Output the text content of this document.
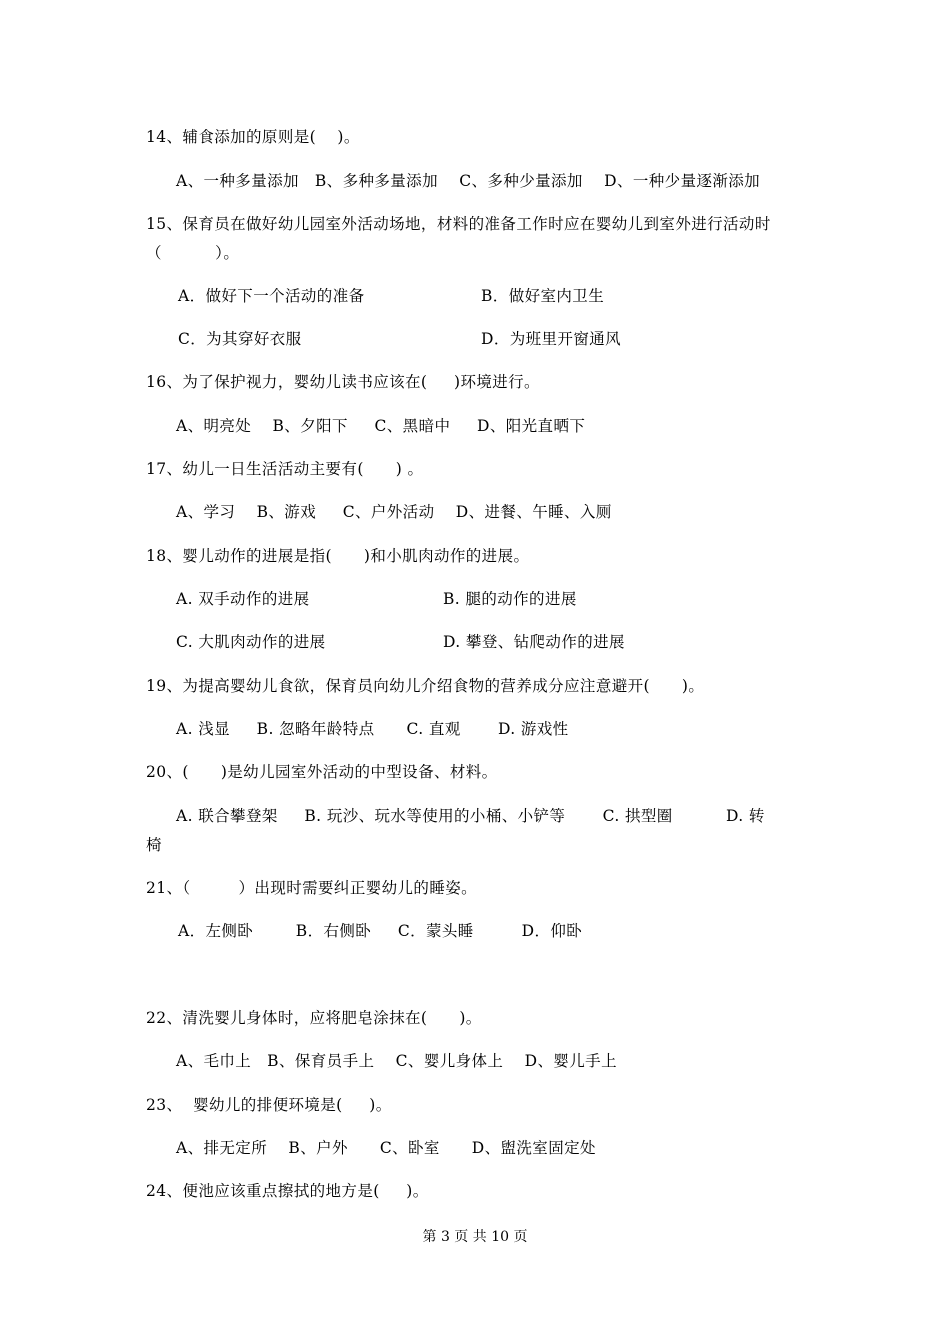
14、辅食添加的原则是(    )。
A、一种多量添加   B、多种多量添加    C、多种少量添加    D、一种少量逐渐添加
15、保育员在做好幼儿园室外活动场地，材料的准备工作时应在婴幼儿到室外进行活动时
（          ）。
A．做好下一个活动的准备	B．做好室内卫生
C．为其穿好衣服	D．为班里开窗通风
16、为了保护视力，婴幼儿读书应该在(     )环境进行。
A、明亮处    B、夕阳下     C、黑暗中     D、阳光直晒下
17、幼儿一日生活活动主要有(      ) 。
A、学习    B、游戏     C、户外活动    D、进餐、午睡、入厕
18、婴儿动作的进展是指(      )和小肌肉动作的进展。
A. 双手动作的进展	B. 腿的动作的进展
C. 大肌肉动作的进展	D. 攀登、钻爬动作的进展
19、为提高婴幼儿食欲，保育员向幼儿介绍食物的营养成分应注意避开(      )。
A. 浅显     B. 忽略年龄特点      C. 直观       D. 游戏性
20、(      )是幼儿园室外活动的中型设备、材料。
A. 联合攀登架     B. 玩沙、玩水等使用的小桶、小铲等       C. 拱型圈          D. 转
椅
21、（         ）出现时需要纠正婴幼儿的睡姿。
A．左侧卧        B．右侧卧     C．蒙头睡         D．仰卧
22、清洗婴儿身体时，应将肥皂涂抹在(      )。
A、毛巾上   B、保育员手上    C、婴儿身体上    D、婴儿手上
23、  婴幼儿的排便环境是(     )。
A、排无定所    B、户外      C、卧室      D、盥洗室固定处
24、便池应该重点擦拭的地方是(     )。
第 3 页 共 10 页
